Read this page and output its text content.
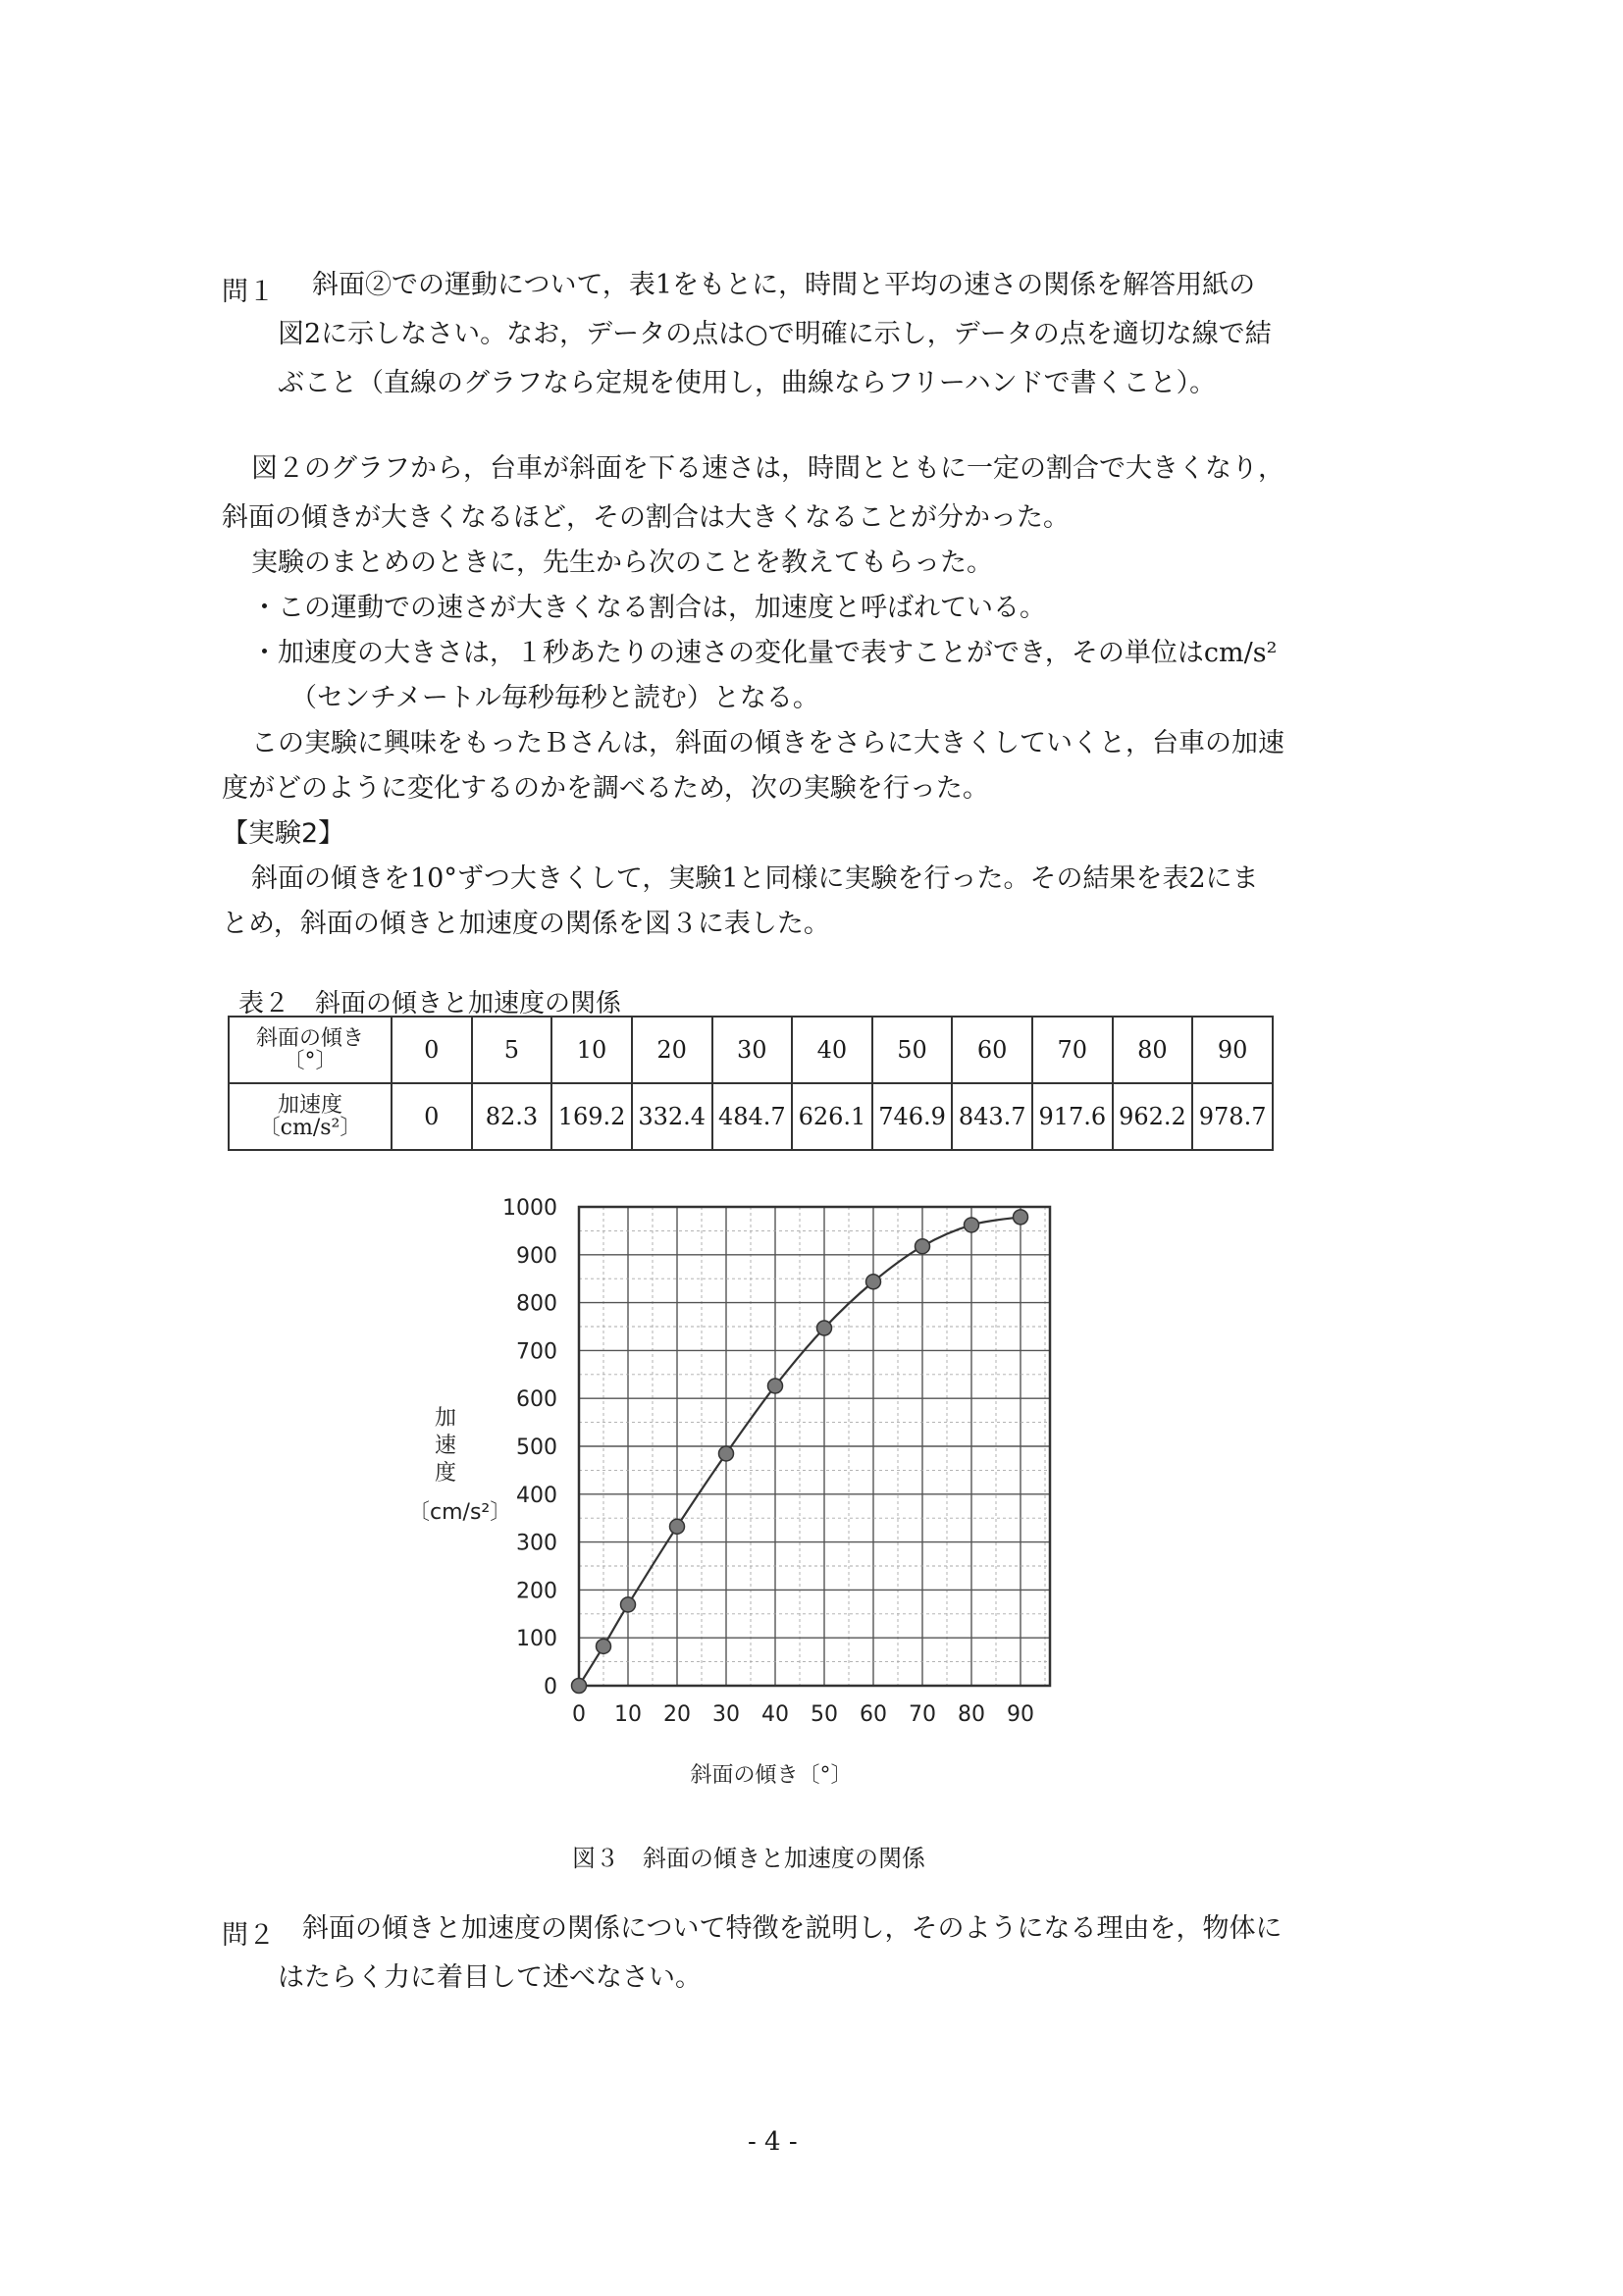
問１ 斜面②での運動について，表1をもとに，時間と平均の速さの関係を解答用紙の
図2に示しなさい。なお，データの点は○で明確に示し，データの点を適切な線で結
ぶこと（直線のグラフなら定規を使用し，曲線ならフリーハンドで書くこと）。
図２のグラフから，台車が斜面を下る速さは，時間とともに一定の割合で大きくなり，
斜面の傾きが大きくなるほど，その割合は大きくなることが分かった。
実験のまとめのときに，先生から次のことを教えてもらった。
・この運動での速さが大きくなる割合は，加速度と呼ばれている。
・加速度の大きさは，１秒あたりの速さの変化量で表すことができ，その単位はcm/s²
（センチメートル毎秒毎秒と読む）となる。
この実験に興味をもったＢさんは，斜面の傾きをさらに大きくしていくと，台車の加速
度がどのように変化するのかを調べるため，次の実験を行った。
【実験2】
斜面の傾きを10°ずつ大きくして，実験1と同様に実験を行った。その結果を表2にま
とめ，斜面の傾きと加速度の関係を図３に表した。
表２　斜面の傾きと加速度の関係
斜面の傾き
〔°〕	0	5	10	20	30	40	50	60	70	80	90

加速度
〔cm/s²〕	0	82.3	169.2	332.4	484.7	626.1	746.9	843.7	917.6	962.2	978.7
0
100
200
300
400
500
600
700
800
900
1000
0 10 20 30 40 50 60 70 80 90
加
速
度
〔cm/s²〕
斜面の傾き〔°〕
図３　斜面の傾きと加速度の関係
問２ 斜面の傾きと加速度の関係について特徴を説明し，そのようになる理由を，物体に
はたらく力に着目して述べなさい。
- 4 -
